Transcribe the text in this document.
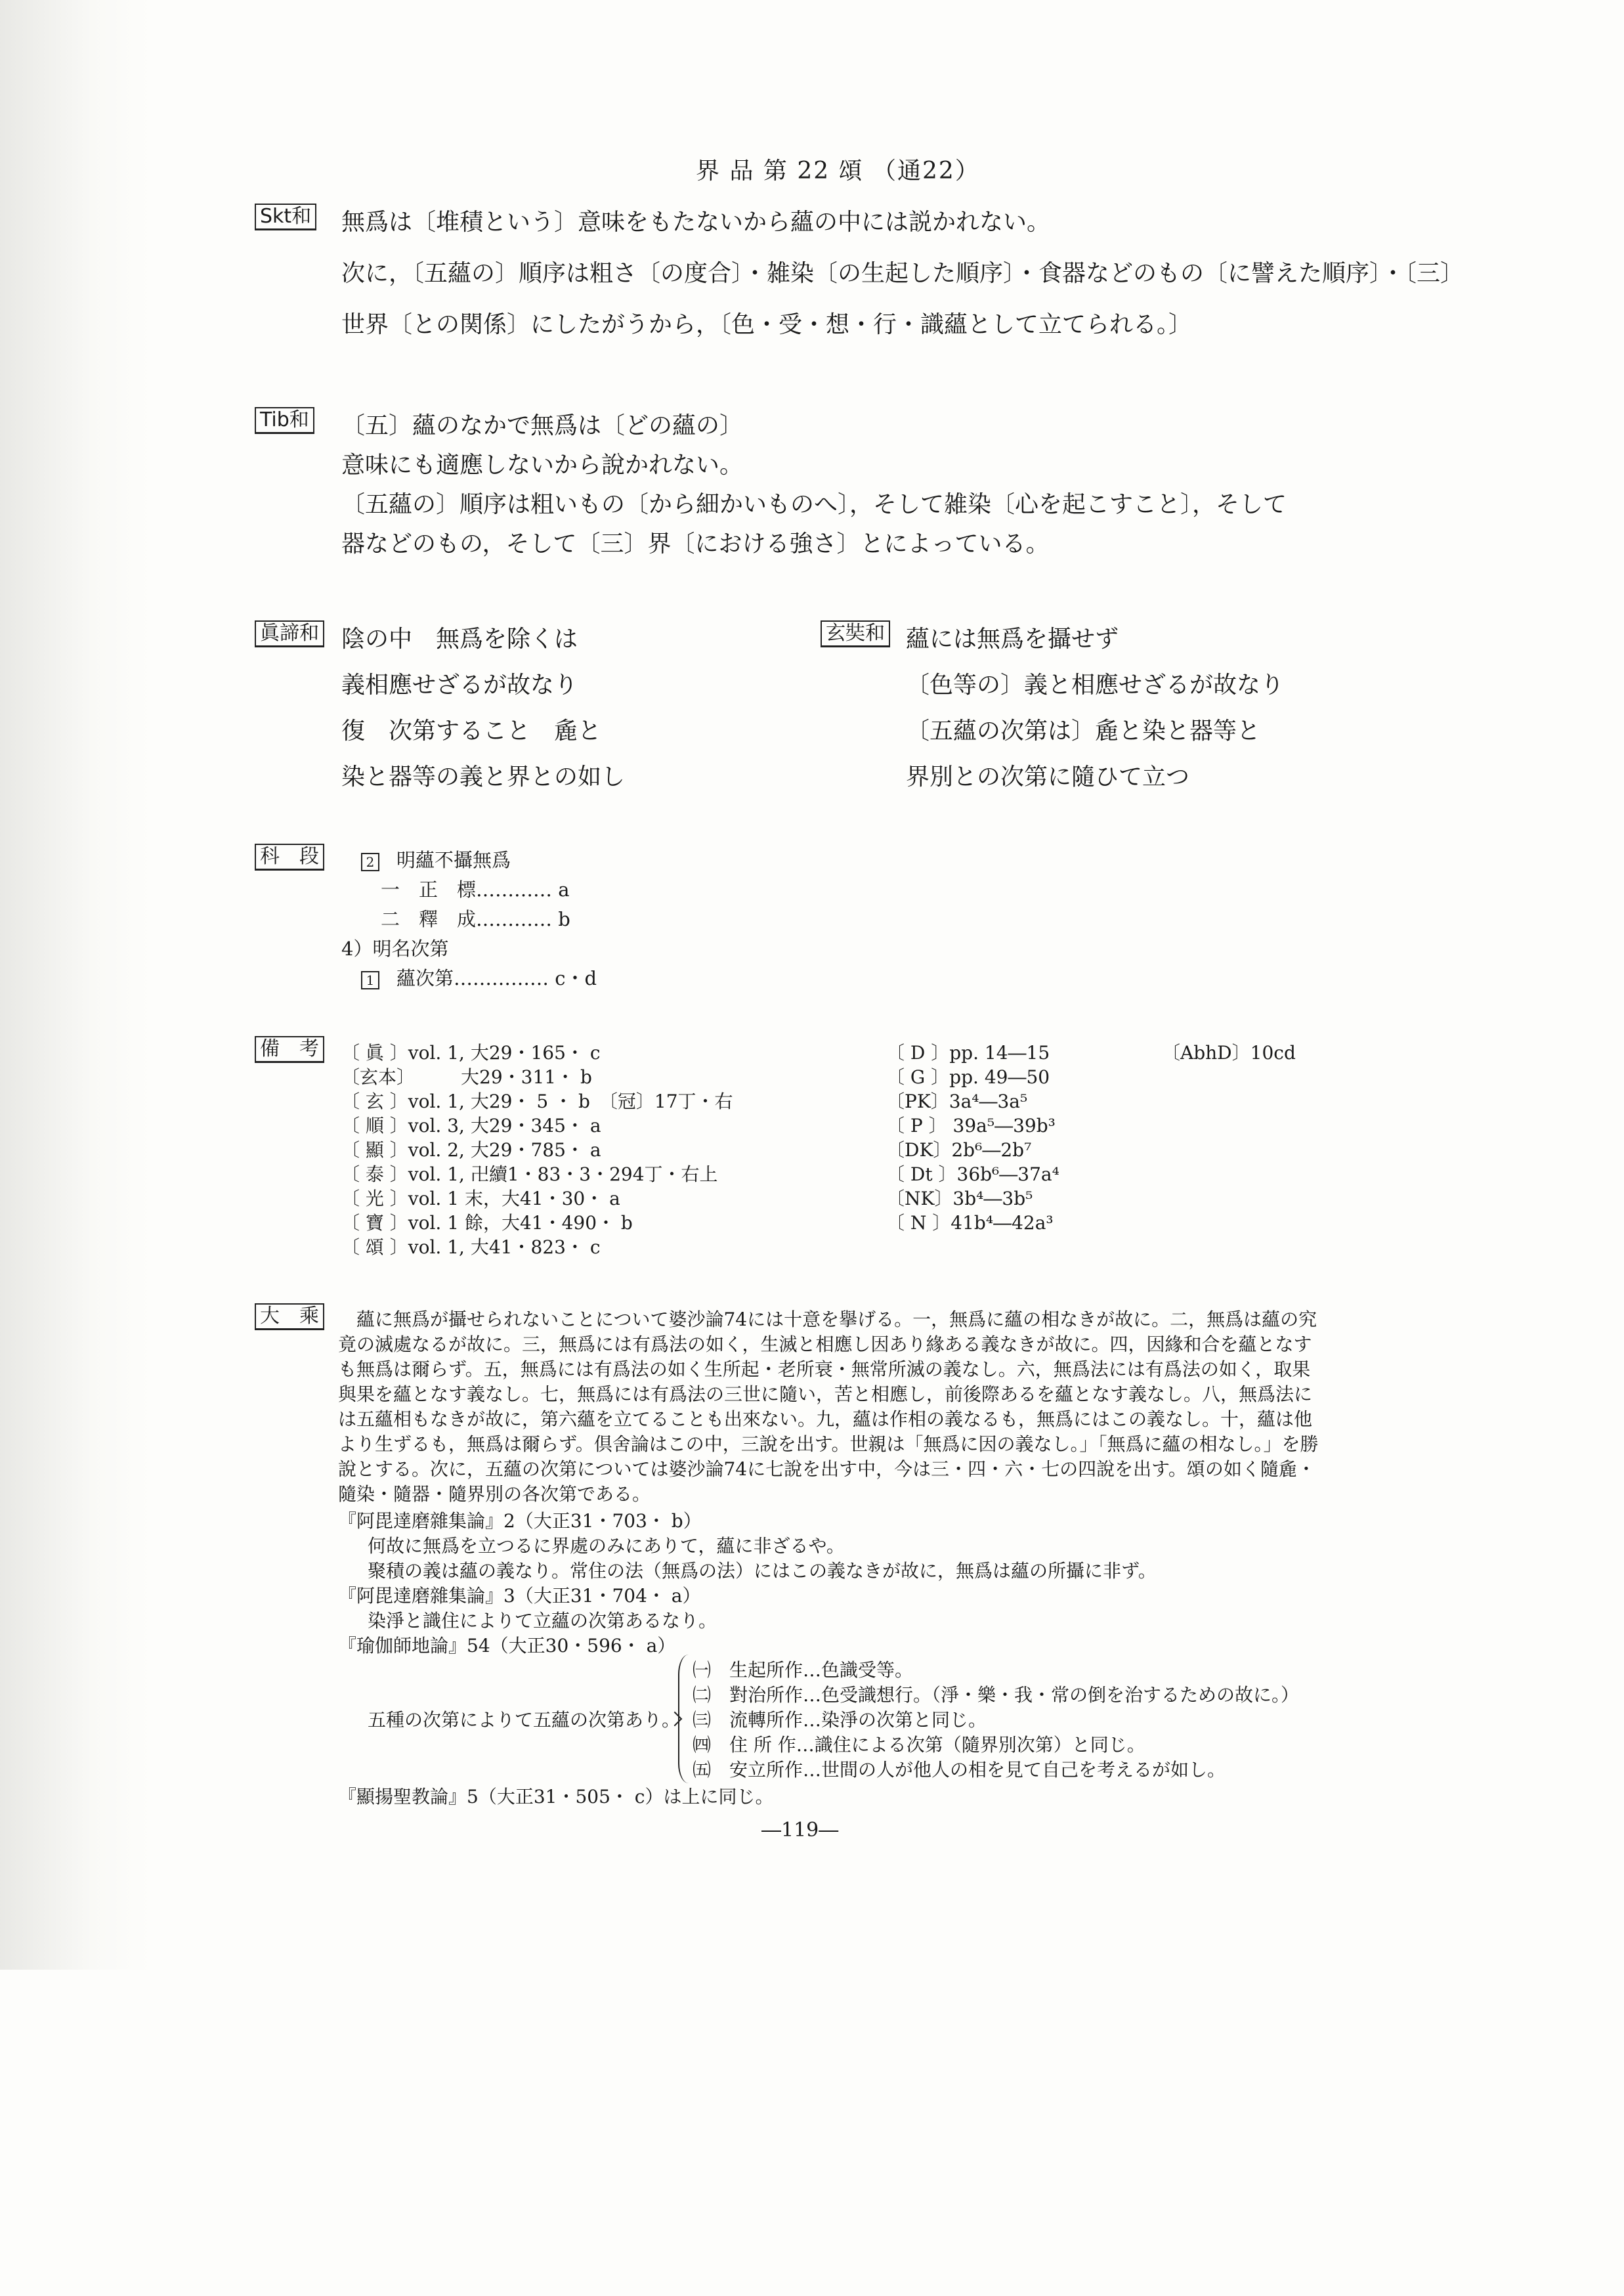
界 品 第 22 頌 （通22）
Skt和 無爲は〔堆積という〕意味をもたないから蘊の中には説かれない。
次に，〔五蘊の〕順序は粗さ〔の度合〕・雑染〔の生起した順序〕・食器などのもの〔に譬えた順序〕・〔三〕
世界〔との関係〕にしたがうから，〔色・受・想・行・識蘊として立てられる。〕
Tib和 〔五〕蘊のなかで無爲は〔どの蘊の〕
意味にも適應しないから說かれない。
〔五蘊の〕順序は粗いもの〔から細かいものへ〕，そして雑染〔心を起こすこと〕，そして
器などのもの，そして〔三〕界〔における強さ〕とによっている。
眞諦和 陰の中　無爲を除くは
義相應せざるが故なり
復　次第すること　麁と
染と器等の義と界との如し
玄奘和 蘊には無爲を攝せず
〔色等の〕義と相應せざるが故なり
〔五蘊の次第は〕麁と染と器等と
界別との次第に隨ひて立つ
科　段	2 明蘊不攝無爲
一　正　標………… a
二　釋　成………… b
4）明名次第
1 蘊次第…………… c・d
備　考 〔 眞 〕vol. 1, 大29・165・ c
〔玄本〕　　　大29・311・ b
〔 玄 〕vol. 1, 大29・ 5 ・ b　〔冠〕17丁・右
〔 順 〕vol. 3, 大29・345・ a
〔 顯 〕vol. 2, 大29・785・ a
〔 泰 〕vol. 1, 卍續1・83・3・294丁・右上
〔 光 〕vol. 1 末，大41・30・ a
〔 寶 〕vol. 1 餘，大41・490・ b
〔 頌 〕vol. 1, 大41・823・ c
〔 D 〕pp. 14―15
〔 G 〕pp. 49―50
〔PK〕3a⁴―3a⁵
〔 P 〕 39a⁵―39b³
〔DK〕2b⁶―2b⁷
〔 Dt 〕36b⁶―37a⁴
〔NK〕3b⁴―3b⁵
〔 N 〕41b⁴―42a³
〔AbhD〕10cd
大　乘 　蘊に無爲が攝せられないことについて婆沙論74には十意を擧げる。一，無爲に蘊の相なきが故に。二，無爲は蘊の究
竟の滅處なるが故に。三，無爲には有爲法の如く，生滅と相應し因あり緣ある義なきが故に。四，因緣和合を蘊となす
も無爲は爾らず。五，無爲には有爲法の如く生所起・老所衰・無常所滅の義なし。六，無爲法には有爲法の如く，取果
與果を蘊となす義なし。七，無爲には有爲法の三世に隨い，苦と相應し，前後際あるを蘊となす義なし。八，無爲法に
は五蘊相もなきが故に，第六蘊を立てることも出來ない。九，蘊は作相の義なるも，無爲にはこの義なし。十，蘊は他
より生ずるも，無爲は爾らず。倶舍論はこの中，三說を出す。世親は「無爲に因の義なし。」「無爲に蘊の相なし。」を勝
說とする。次に，五蘊の次第については婆沙論74に七說を出す中，今は三・四・六・七の四說を出す。頌の如く隨麁・
隨染・隨器・隨界別の各次第である。
『阿毘達磨雜集論』2（大正31・703・ b）
何故に無爲を立つるに界處のみにありて，蘊に非ざるや。
聚積の義は蘊の義なり。常住の法（無爲の法）にはこの義なきが故に，無爲は蘊の所攝に非ず。
『阿毘達磨雜集論』3（大正31・704・ a）
染淨と識住によりて立蘊の次第あるなり。
『瑜伽師地論』54（大正30・596・ a）
五種の次第によりて五蘊の次第あり。
㈠　生起所作…色識受等。
㈡　對治所作…色受識想行。（淨・樂・我・常の倒を治するための故に。）
㈢　流轉所作…染淨の次第と同じ。
㈣　住 所 作…識住による次第（隨界別次第）と同じ。
㈤　安立所作…世間の人が他人の相を見て自己を考えるが如し。
『顯揚聖教論』5（大正31・505・ c）は上に同じ。
―119―
